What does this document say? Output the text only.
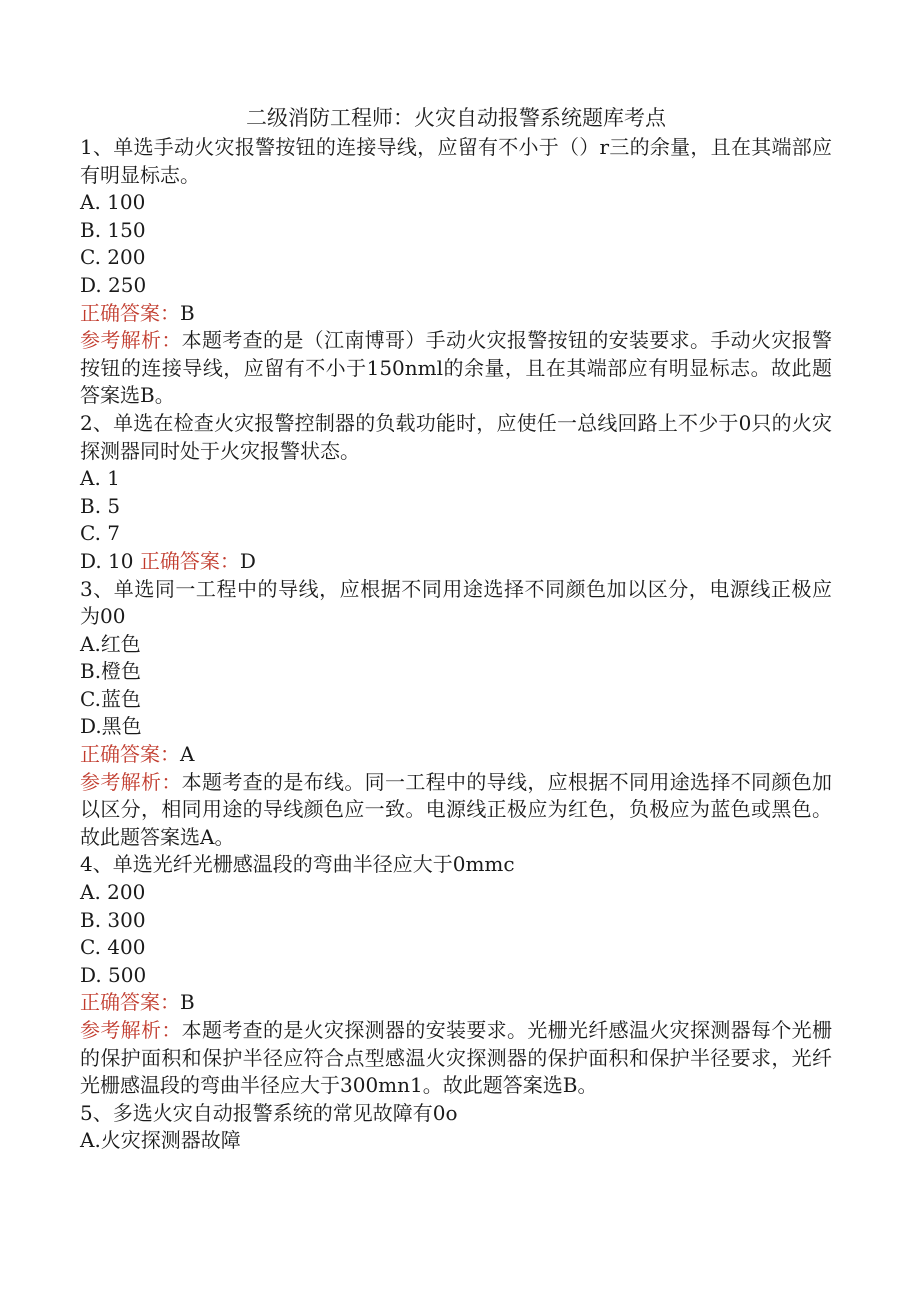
二级消防工程师：火灾自动报警系统题库考点
1、单选手动火灾报警按钮的连接导线，应留有不小于（）r三的余量，且在其端部应有明显标志。
A. 100
B. 150
C. 200
D. 250
正确答案：B
参考解析：本题考查的是（江南博哥）手动火灾报警按钮的安装要求。手动火灾报警按钮的连接导线，应留有不小于150nml的余量，且在其端部应有明显标志。故此题答案选B。
2、单选在检查火灾报警控制器的负载功能时，应使任一总线回路上不少于0只的火灾探测器同时处于火灾报警状态。
A. 1
B. 5
C. 7
D. 10 正确答案：D
3、单选同一工程中的导线，应根据不同用途选择不同颜色加以区分，电源线正极应为00
A.红色
B.橙色
C.蓝色
D.黑色
正确答案：A
参考解析：本题考查的是布线。同一工程中的导线，应根据不同用途选择不同颜色加以区分，相同用途的导线颜色应一致。电源线正极应为红色，负极应为蓝色或黑色。故此题答案选A。
4、单选光纤光栅感温段的弯曲半径应大于0mmc
A. 200
B. 300
C. 400
D. 500
正确答案：B
参考解析：本题考查的是火灾探测器的安装要求。光栅光纤感温火灾探测器每个光栅的保护面积和保护半径应符合点型感温火灾探测器的保护面积和保护半径要求，光纤光栅感温段的弯曲半径应大于300mn1。故此题答案选B。
5、多选火灾自动报警系统的常见故障有0o
A.火灾探测器故障
